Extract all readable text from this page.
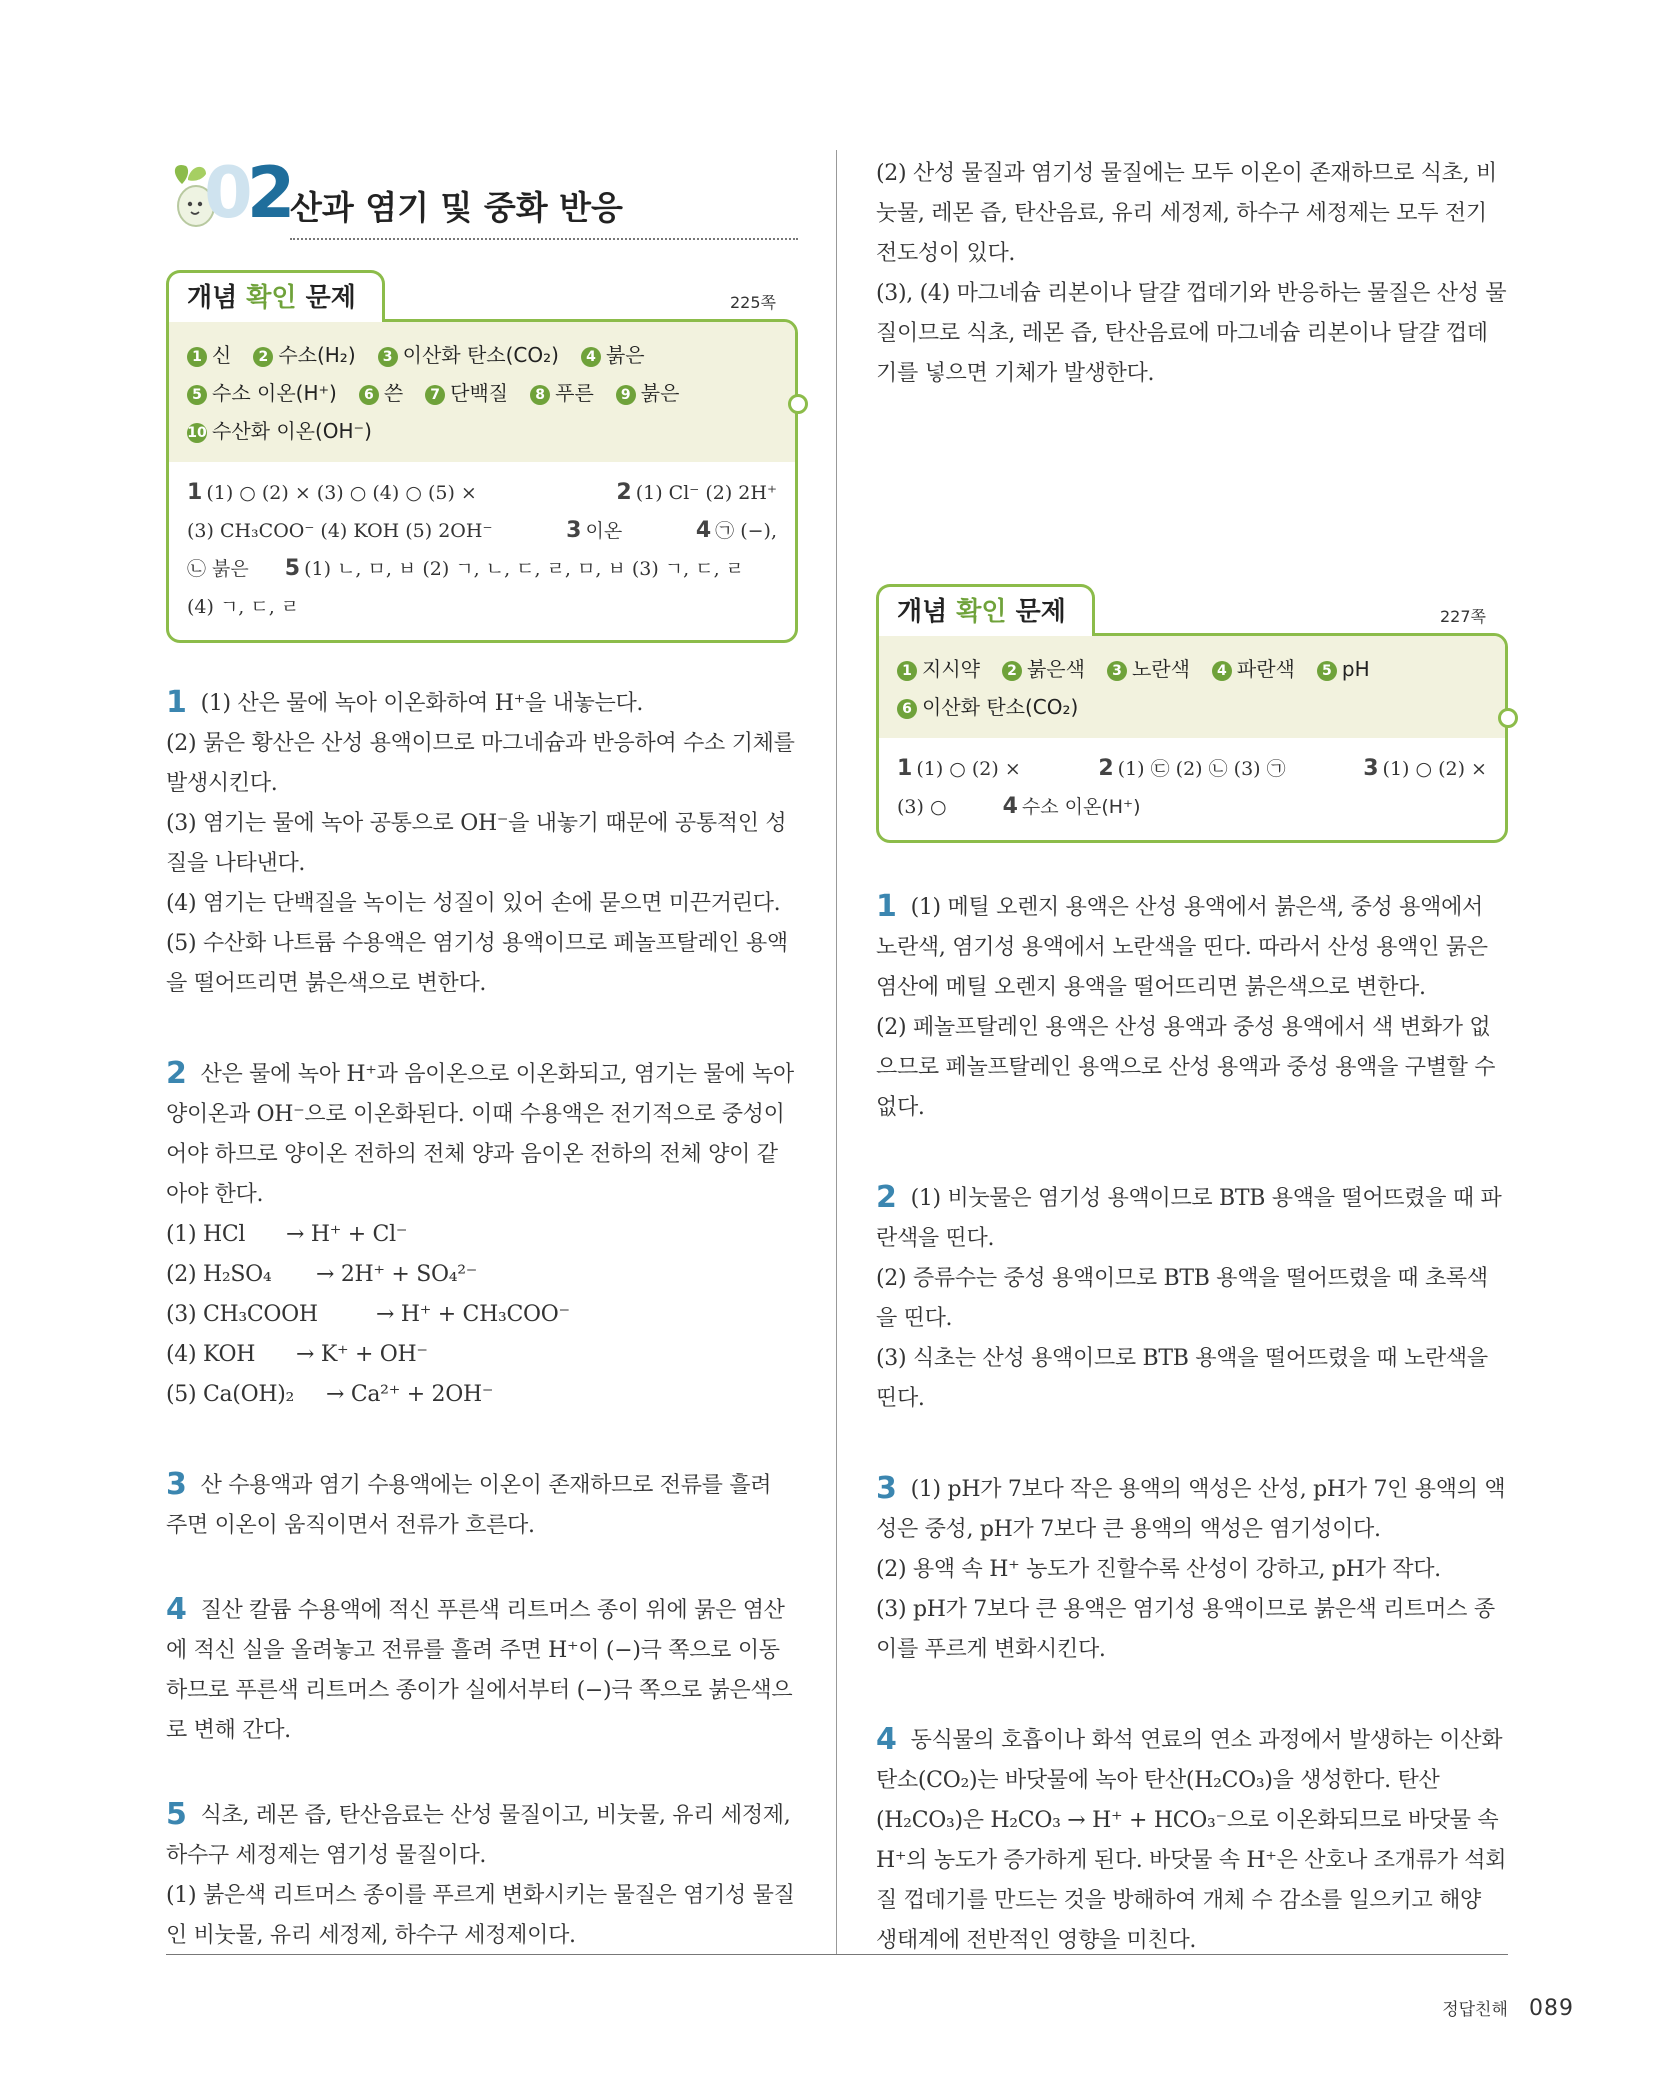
02 산과 염기 및 중화 반응
개념 확인 문제	225쪽
1 신 2 수소(H₂) 3 이산화 탄소(CO₂) 4 붉은5 수소 이온(H⁺) 6 쓴 7 단백질 8 푸른 9 붉은10 수산화 이온(OH⁻)
1 (1) ○ (2) × (3) ○ (4) ○ (5) ×	2 (1) Cl⁻ (2) 2H⁺
(3) CH₃COO⁻ (4) KOH (5) 2OH⁻	3 이온	4 ㉠ (−),
㉡ 붉은 5 (1) ㄴ, ㅁ, ㅂ (2) ㄱ, ㄴ, ㄷ, ㄹ, ㅁ, ㅂ (3) ㄱ, ㄷ, ㄹ
(4) ㄱ, ㄷ, ㄹ

1 (1) 산은 물에 녹아 이온화하여 H⁺을 내놓는다.

(2) 묽은 황산은 산성 용액이므로 마그네슘과 반응하여 수소 기체를 발생시킨다.

(3) 염기는 물에 녹아 공통으로 OH⁻을 내놓기 때문에 공통적인 성질을 나타낸다.

(4) 염기는 단백질을 녹이는 성질이 있어 손에 묻으면 미끈거린다.

(5) 수산화 나트륨 수용액은 염기성 용액이므로 페놀프탈레인 용액을 떨어뜨리면 붉은색으로 변한다.

2 산은 물에 녹아 H⁺과 음이온으로 이온화되고, 염기는 물에 녹아 양이온과 OH⁻으로 이온화된다. 이때 수용액은 전기적으로 중성이어야 하므로 양이온 전하의 전체 양과 음이온 전하의 전체 양이 같아야 한다.

(1) HCl → H⁺ + Cl⁻

(2) H₂SO₄ → 2H⁺ + SO₄²⁻

(3) CH₃COOH	→ H⁺ + CH₃COO⁻

(4) KOH → K⁺ + OH⁻

(5) Ca(OH)₂ → Ca²⁺ + 2OH⁻

3 산 수용액과 염기 수용액에는 이온이 존재하므로 전류를 흘려 주면 이온이 움직이면서 전류가 흐른다.

4 질산 칼륨 수용액에 적신 푸른색 리트머스 종이 위에 묽은 염산에 적신 실을 올려놓고 전류를 흘려 주면 H⁺이 (−)극 쪽으로 이동하므로 푸른색 리트머스 종이가 실에서부터 (−)극 쪽으로 붉은색으로 변해 간다.

5 식초, 레몬 즙, 탄산음료는 산성 물질이고, 비눗물, 유리 세정제, 하수구 세정제는 염기성 물질이다.

(1) 붉은색 리트머스 종이를 푸르게 변화시키는 물질은 염기성 물질인 비눗물, 유리 세정제, 하수구 세정제이다.

(2) 산성 물질과 염기성 물질에는 모두 이온이 존재하므로 식초, 비눗물, 레몬 즙, 탄산음료, 유리 세정제, 하수구 세정제는 모두 전기 전도성이 있다.

(3), (4) 마그네슘 리본이나 달걀 껍데기와 반응하는 물질은 산성 물질이므로 식초, 레몬 즙, 탄산음료에 마그네슘 리본이나 달걀 껍데기를 넣으면 기체가 발생한다.

개념 확인 문제	227쪽
1 지시약 2 붉은색 3 노란색 4 파란색 5 pH6 이산화 탄소(CO₂)
1 (1) ○ (2) ×	2 (1) ㉢ (2) ㉡ (3) ㉠	3 (1) ○ (2) ×
(3) ○	4 수소 이온(H⁺)

1 (1) 메틸 오렌지 용액은 산성 용액에서 붉은색, 중성 용액에서 노란색, 염기성 용액에서 노란색을 띤다. 따라서 산성 용액인 묽은 염산에 메틸 오렌지 용액을 떨어뜨리면 붉은색으로 변한다.

(2) 페놀프탈레인 용액은 산성 용액과 중성 용액에서 색 변화가 없으므로 페놀프탈레인 용액으로 산성 용액과 중성 용액을 구별할 수 없다.

2 (1) 비눗물은 염기성 용액이므로 BTB 용액을 떨어뜨렸을 때 파란색을 띤다.

(2) 증류수는 중성 용액이므로 BTB 용액을 떨어뜨렸을 때 초록색을 띤다.

(3) 식초는 산성 용액이므로 BTB 용액을 떨어뜨렸을 때 노란색을 띤다.

3 (1) pH가 7보다 작은 용액의 액성은 산성, pH가 7인 용액의 액성은 중성, pH가 7보다 큰 용액의 액성은 염기성이다.

(2) 용액 속 H⁺ 농도가 진할수록 산성이 강하고, pH가 작다.

(3) pH가 7보다 큰 용액은 염기성 용액이므로 붉은색 리트머스 종이를 푸르게 변화시킨다.

4 동식물의 호흡이나 화석 연료의 연소 과정에서 발생하는 이산화 탄소(CO₂)는 바닷물에 녹아 탄산(H₂CO₃)을 생성한다. 탄산(H₂CO₃)은 H₂CO₃ → H⁺ + HCO₃⁻으로 이온화되므로 바닷물 속 H⁺의 농도가 증가하게 된다. 바닷물 속 H⁺은 산호나 조개류가 석회질 껍데기를 만드는 것을 방해하여 개체 수 감소를 일으키고 해양 생태계에 전반적인 영향을 미친다.

정답친해 089
